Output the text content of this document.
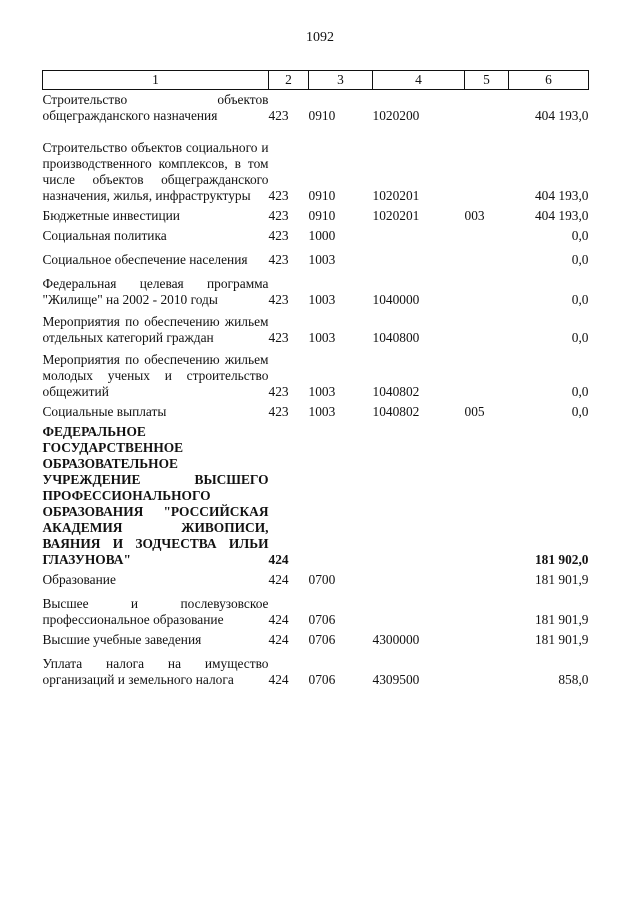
1092
1	2	3	4	5	6

Строительство объектов общегражданского назначения	423	0910	1020200		404 193,0

Строительство объектов социального и производственного комплексов, в том числе объектов общегражданского назначения, жилья, инфраструктуры	423	0910	1020201		404 193,0

Бюджетные инвестиции	423	0910	1020201	003	404 193,0

Социальная политика	423	1000			0,0

Социальное обеспечение населения	423	1003			0,0

Федеральная целевая программа "Жилище" на 2002 - 2010 годы	423	1003	1040000		0,0

Мероприятия по обеспечению жильем отдельных категорий граждан	423	1003	1040800		0,0

Мероприятия по обеспечению жильем молодых ученых и строительство общежитий	423	1003	1040802		0,0

Социальные выплаты	423	1003	1040802	005	0,0

ФЕДЕРАЛЬНОЕ ГОСУДАРСТВЕННОЕ ОБРАЗОВАТЕЛЬНОЕ УЧРЕЖДЕНИЕ ВЫСШЕГО ПРОФЕССИОНАЛЬНОГО ОБРАЗОВАНИЯ "РОССИЙСКАЯ АКАДЕМИЯ ЖИВОПИСИ, ВАЯНИЯ И ЗОДЧЕСТВА ИЛЬИ ГЛАЗУНОВА"	424				181 902,0

Образование	424	0700			181 901,9

Высшее и послевузовское профессиональное образование	424	0706			181 901,9

Высшие учебные заведения	424	0706	4300000		181 901,9

Уплата налога на имущество организаций и земельного налога	424	0706	4309500		858,0
